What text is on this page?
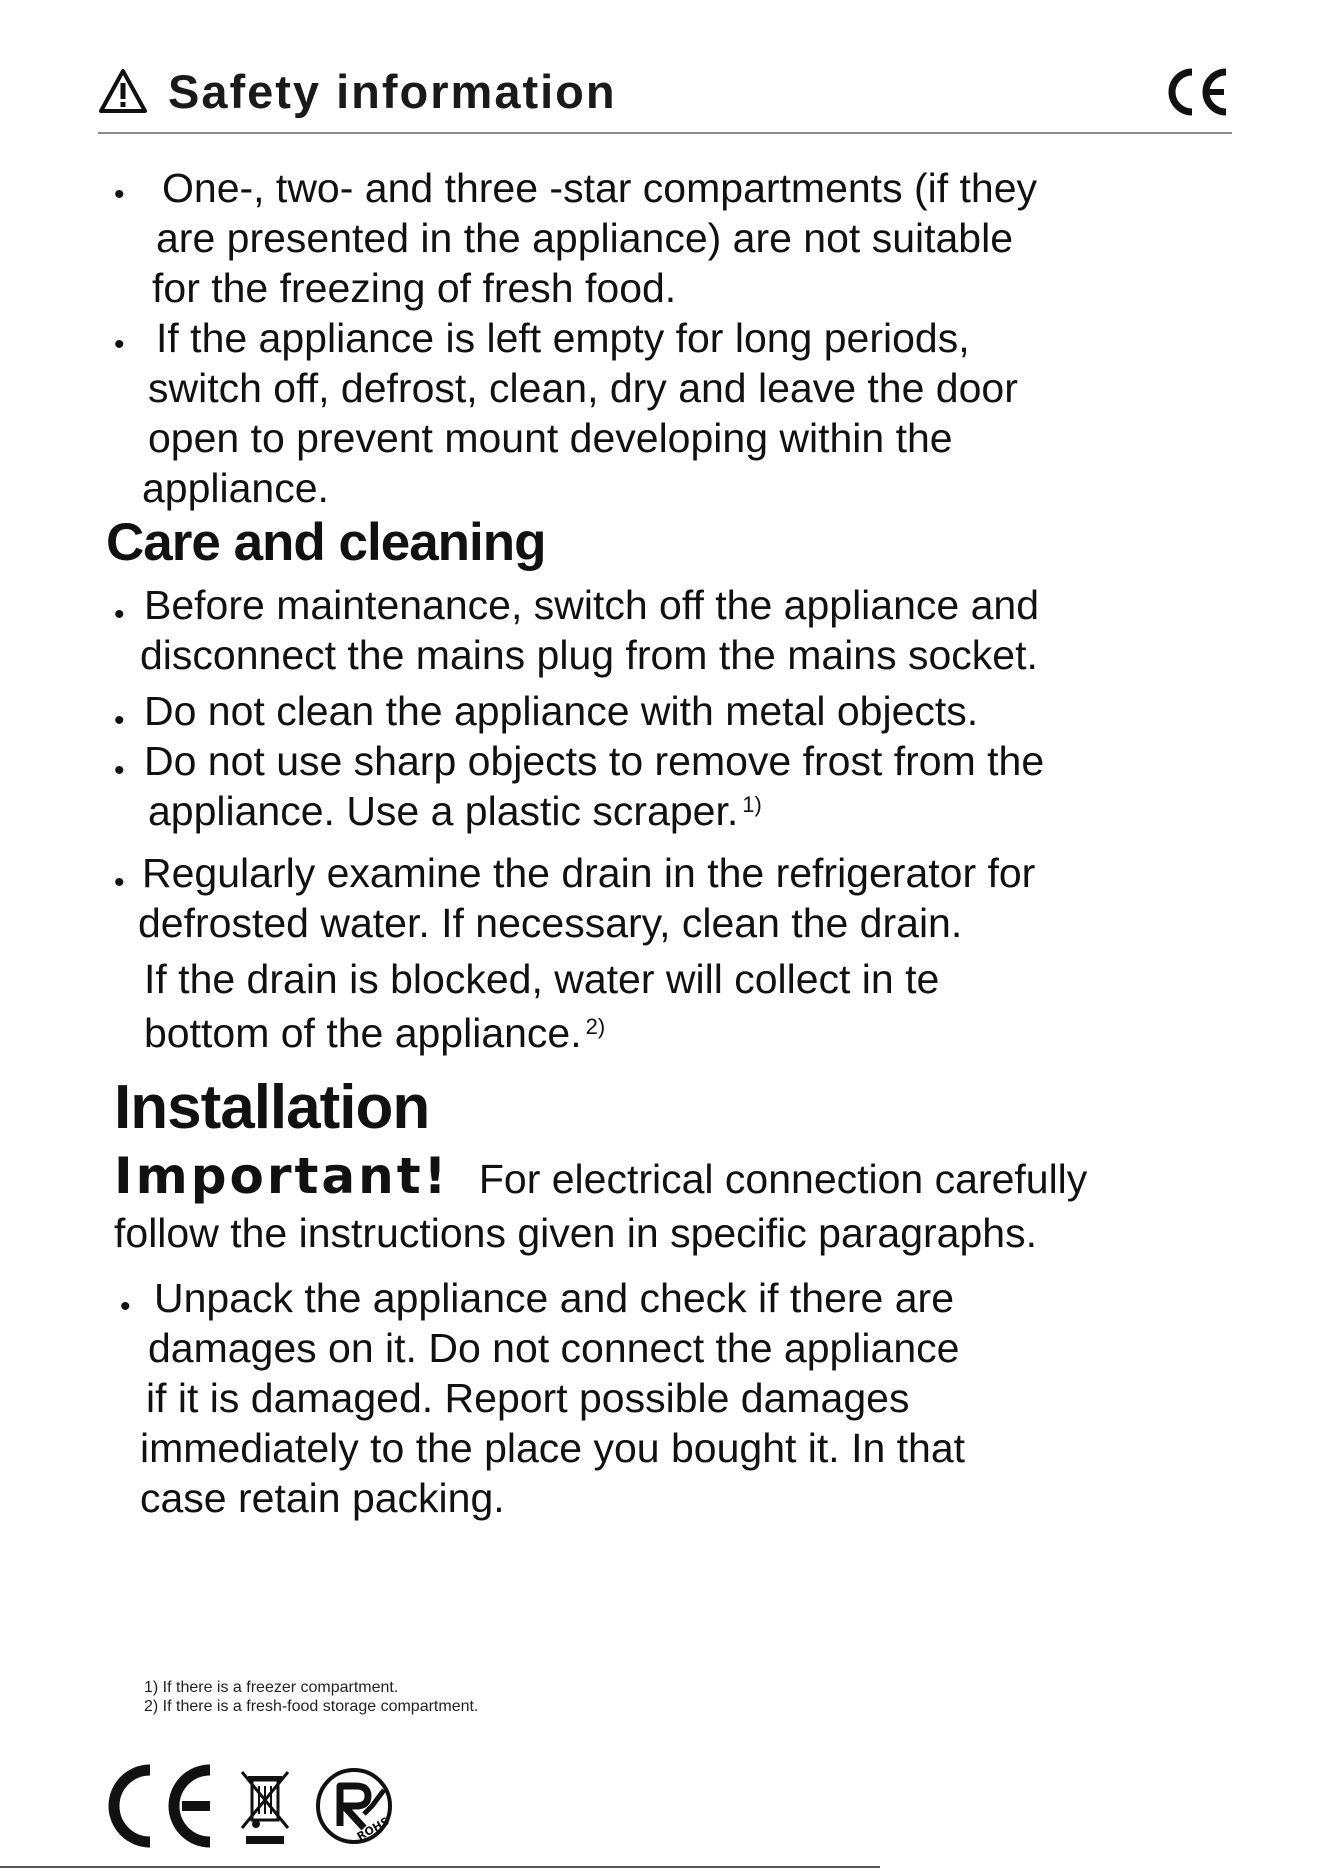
Safety information
• One-, two- and three -star compartments (if they
are presented in the appliance) are not suitable
for the freezing of fresh food.
• If the appliance is left empty for long periods,
switch off, defrost, clean, dry and leave the door
open to prevent mount developing within the
appliance.
Care and cleaning
• Before maintenance, switch off the appliance and
disconnect the mains plug from the mains socket.
• Do not clean the appliance with metal objects.
• Do not use sharp objects to remove frost from the
appliance. Use a plastic scraper. $^{1)}$
• Regularly examine the drain in the refrigerator for
defrosted water. If necessary, clean the drain.
If the drain is blocked, water will collect in te
bottom of the appliance. $^{2)}$
Installation
Important! For electrical connection carefully
follow the instructions given in specific paragraphs.
• Unpack the appliance and check if there are
damages on it. Do not connect the appliance
if it is damaged. Report possible damages
immediately to the place you bought it. In that
case retain packing.
1) If there is a freezer compartment.
2) If there is a fresh-food storage compartment.
ROHS
